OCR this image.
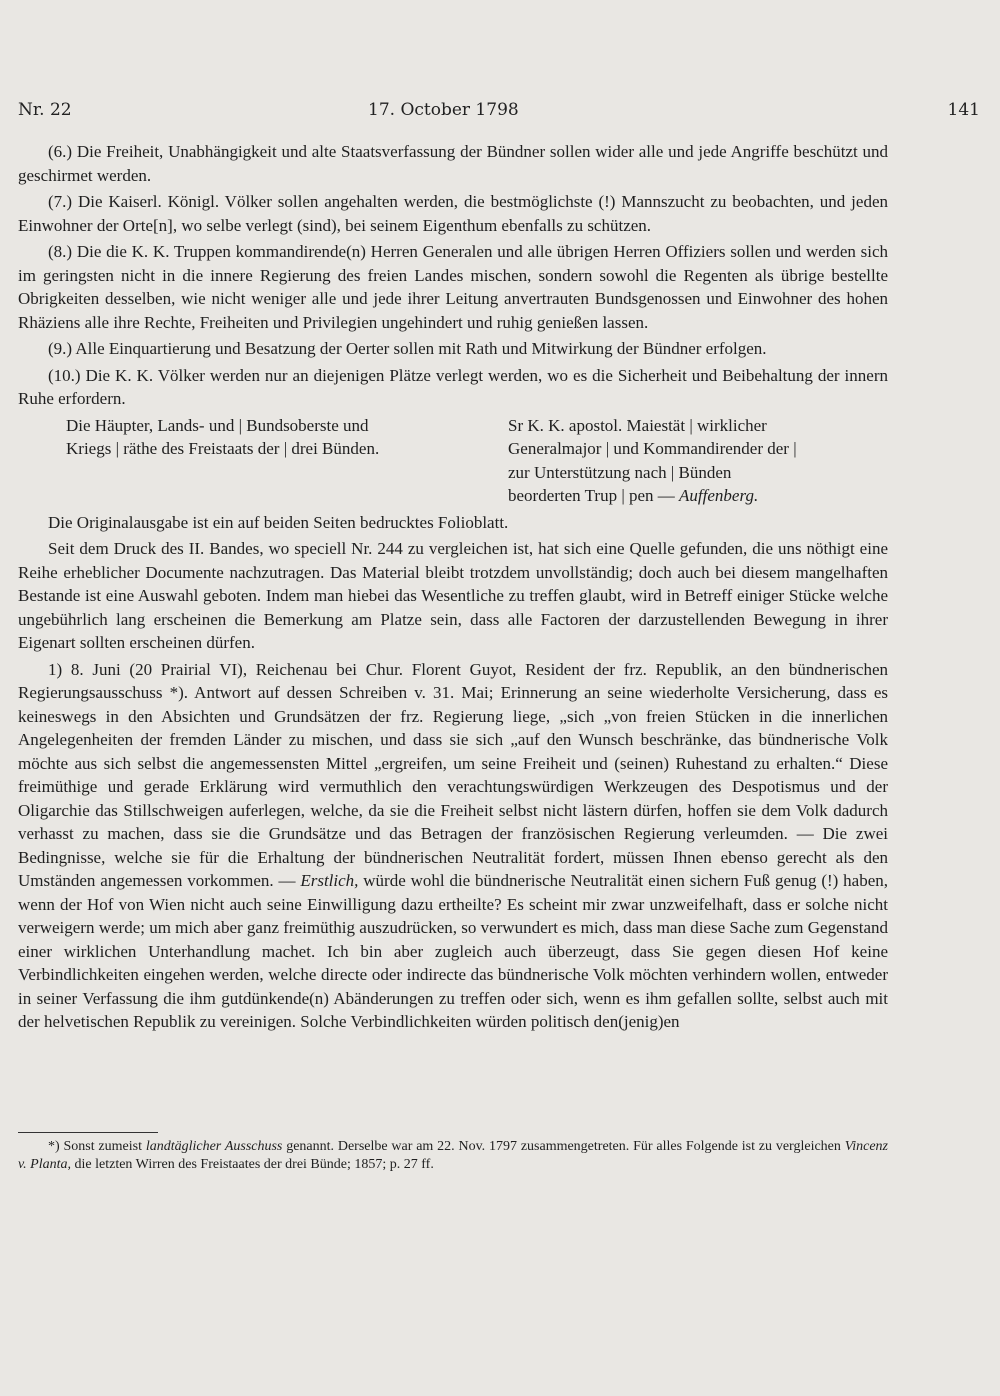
Nr. 22	17. October 1798	141

(6.) Die Freiheit, Unabhängigkeit und alte Staatsverfassung der Bündner sollen wider alle und jede Angriffe beschützt und geschirmet werden.

(7.) Die Kaiserl. Königl. Völker sollen angehalten werden, die bestmöglichste (!) Mannszucht zu beobachten, und jeden Einwohner der Orte[n], wo selbe verlegt (sind), bei seinem Eigenthum ebenfalls zu schützen.

(8.) Die die K. K. Truppen kommandirende(n) Herren Generalen und alle übrigen Herren Offiziers sollen und werden sich im geringsten nicht in die innere Regierung des freien Landes mischen, sondern sowohl die Regenten als übrige bestellte Obrigkeiten desselben, wie nicht weniger alle und jede ihrer Leitung anvertrauten Bundsgenossen und Einwohner des hohen Rhäziens alle ihre Rechte, Freiheiten und Privilegien ungehindert und ruhig genießen lassen.

(9.) Alle Einquartierung und Besatzung der Oerter sollen mit Rath und Mitwirkung der Bündner erfolgen.

(10.) Die K. K. Völker werden nur an diejenigen Plätze verlegt werden, wo es die Sicherheit und Beibehaltung der innern Ruhe erfordern.

Die Häupter, Lands- und | Bundsoberste und Kriegs | räthe des Freistaats der | drei Bünden.
Sr K. K. apostol. Maiestät | wirklicher Generalmajor | und Kommandirender der | zur Unterstützung nach | Bünden beorderten Trup | pen — Auffenberg.

Die Originalausgabe ist ein auf beiden Seiten bedrucktes Folioblatt.

Seit dem Druck des II. Bandes, wo speciell Nr. 244 zu vergleichen ist, hat sich eine Quelle gefunden, die uns nöthigt eine Reihe erheblicher Documente nachzutragen. Das Material bleibt trotzdem unvollständig; doch auch bei diesem mangelhaften Bestande ist eine Auswahl geboten. Indem man hiebei das Wesentliche zu treffen glaubt, wird in Betreff einiger Stücke welche ungebührlich lang erscheinen die Bemerkung am Platze sein, dass alle Factoren der darzustellenden Bewegung in ihrer Eigenart sollten erscheinen dürfen.

1) 8. Juni (20 Prairial VI), Reichenau bei Chur. Florent Guyot, Resident der frz. Republik, an den bündnerischen Regierungsausschuss *). Antwort auf dessen Schreiben v. 31. Mai; Erinnerung an seine wiederholte Versicherung, dass es keineswegs in den Absichten und Grundsätzen der frz. Regierung liege, „sich „von freien Stücken in die innerlichen Angelegenheiten der fremden Länder zu mischen, und dass sie sich „auf den Wunsch beschränke, das bündnerische Volk möchte aus sich selbst die angemessensten Mittel „ergreifen, um seine Freiheit und (seinen) Ruhestand zu erhalten.“ Diese freimüthige und gerade Erklärung wird vermuthlich den verachtungswürdigen Werkzeugen des Despotismus und der Oligarchie das Stillschweigen auferlegen, welche, da sie die Freiheit selbst nicht lästern dürfen, hoffen sie dem Volk dadurch verhasst zu machen, dass sie die Grundsätze und das Betragen der französischen Regierung verleumden. — Die zwei Bedingnisse, welche sie für die Erhaltung der bündnerischen Neutralität fordert, müssen Ihnen ebenso gerecht als den Umständen angemessen vorkommen. — Erstlich, würde wohl die bündnerische Neutralität einen sichern Fuß genug (!) haben, wenn der Hof von Wien nicht auch seine Einwilligung dazu ertheilte? Es scheint mir zwar unzweifelhaft, dass er solche nicht verweigern werde; um mich aber ganz freimüthig auszudrücken, so verwundert es mich, dass man diese Sache zum Gegenstand einer wirklichen Unterhandlung machet. Ich bin aber zugleich auch überzeugt, dass Sie gegen diesen Hof keine Verbindlichkeiten eingehen werden, welche directe oder indirecte das bündnerische Volk möchten verhindern wollen, entweder in seiner Verfassung die ihm gutdünkende(n) Abänderungen zu treffen oder sich, wenn es ihm gefallen sollte, selbst auch mit der helvetischen Republik zu vereinigen. Solche Verbindlichkeiten würden politisch den(jenig)en

*) Sonst zumeist landtäglicher Ausschuss genannt. Derselbe war am 22. Nov. 1797 zusammengetreten. Für alles Folgende ist zu vergleichen Vincenz v. Planta, die letzten Wirren des Freistaates der drei Bünde; 1857; p. 27 ff.
